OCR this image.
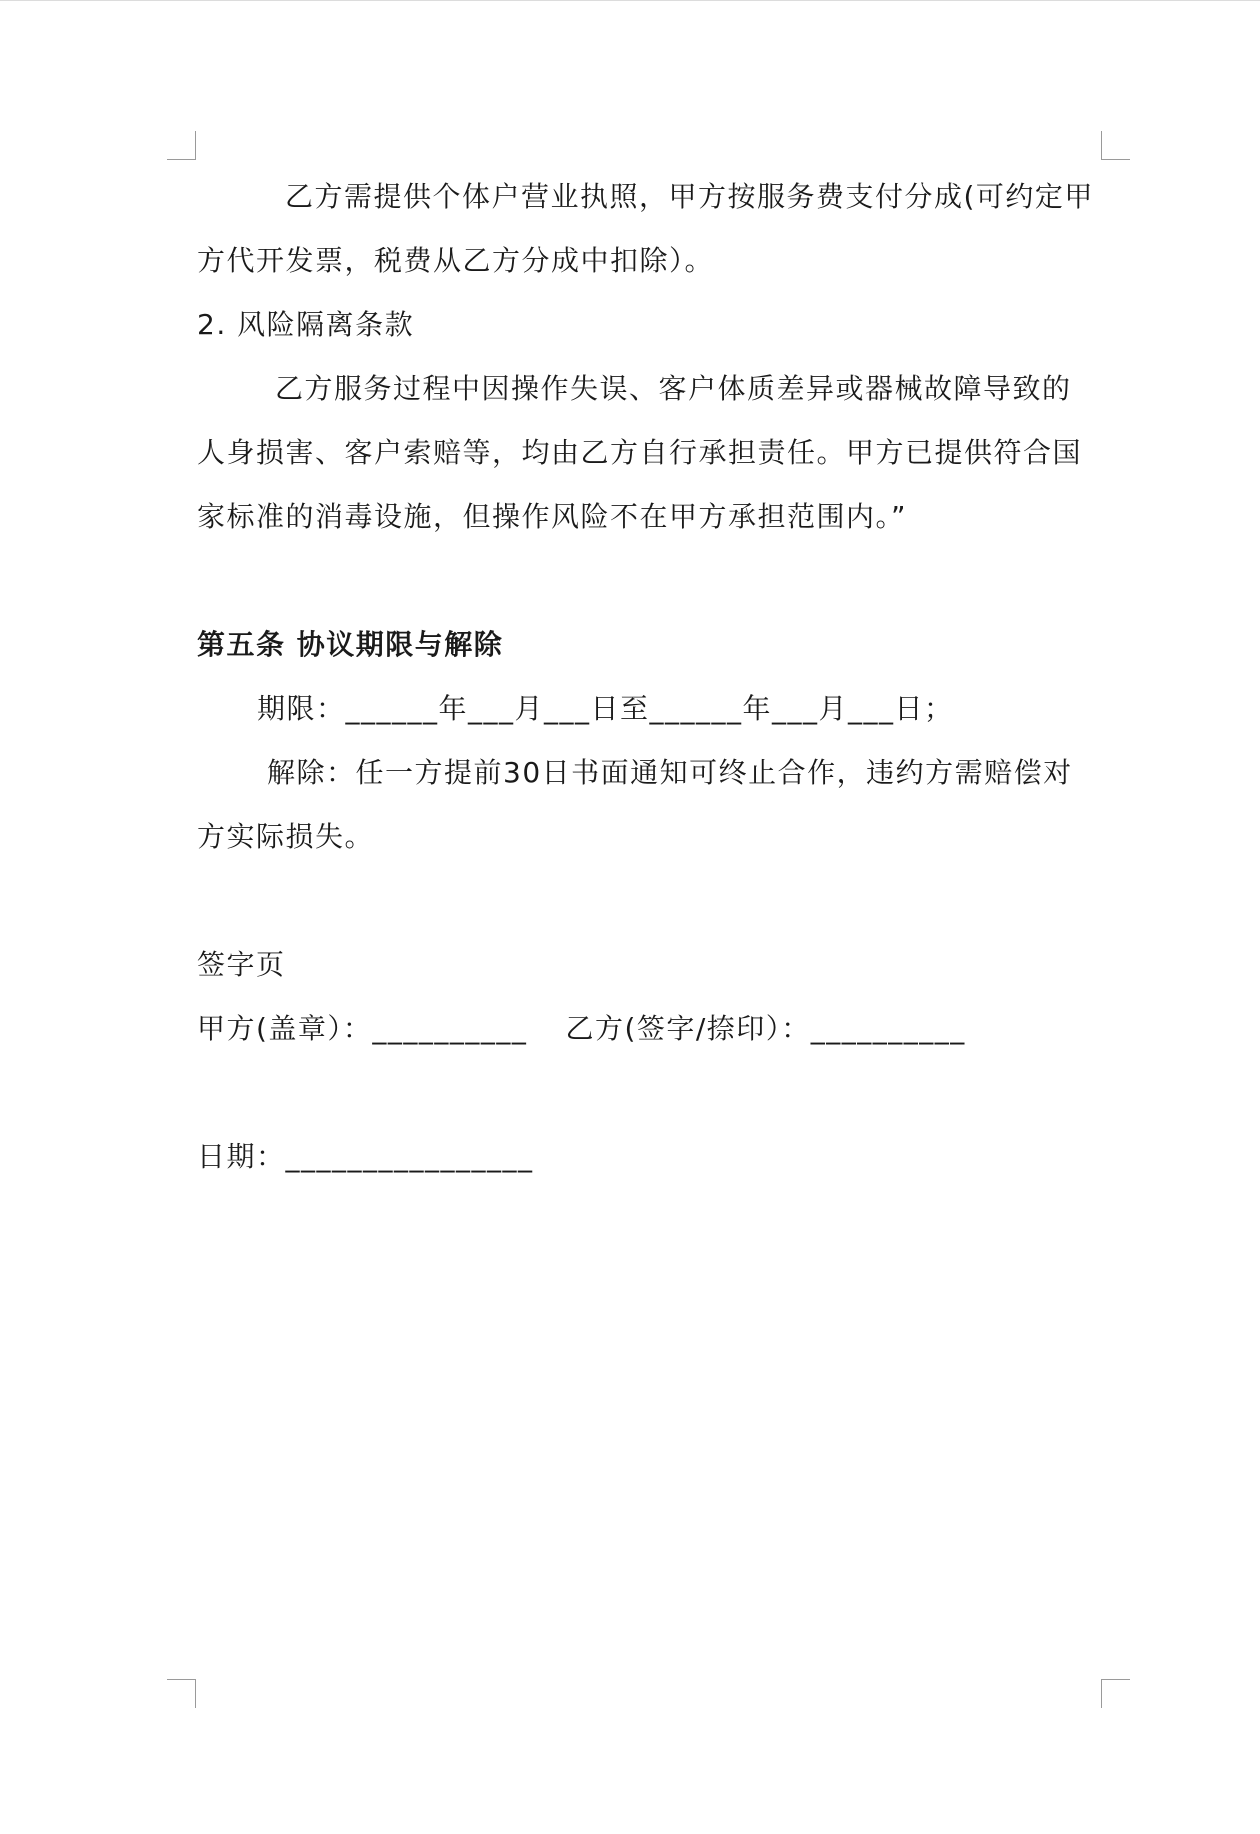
乙方需提供个体户营业执照，甲方按服务费支付分成(可约定甲方代开发票，税费从乙方分成中扣除）。

2. 风险隔离条款

乙方服务过程中因操作失误、客户体质差异或器械故障导致的人身损害、客户索赔等，均由乙方自行承担责任。甲方已提供符合国家标准的消毒设施，但操作风险不在甲方承担范围内。”

第五条 协议期限与解除

期限：______年___月___日至______年___月___日；

解除：任一方提前30日书面通知可终止合作，违约方需赔偿对方实际损失。

签字页

甲方(盖章）：__________ 乙方(签字/捺印）：__________

日期：________________
